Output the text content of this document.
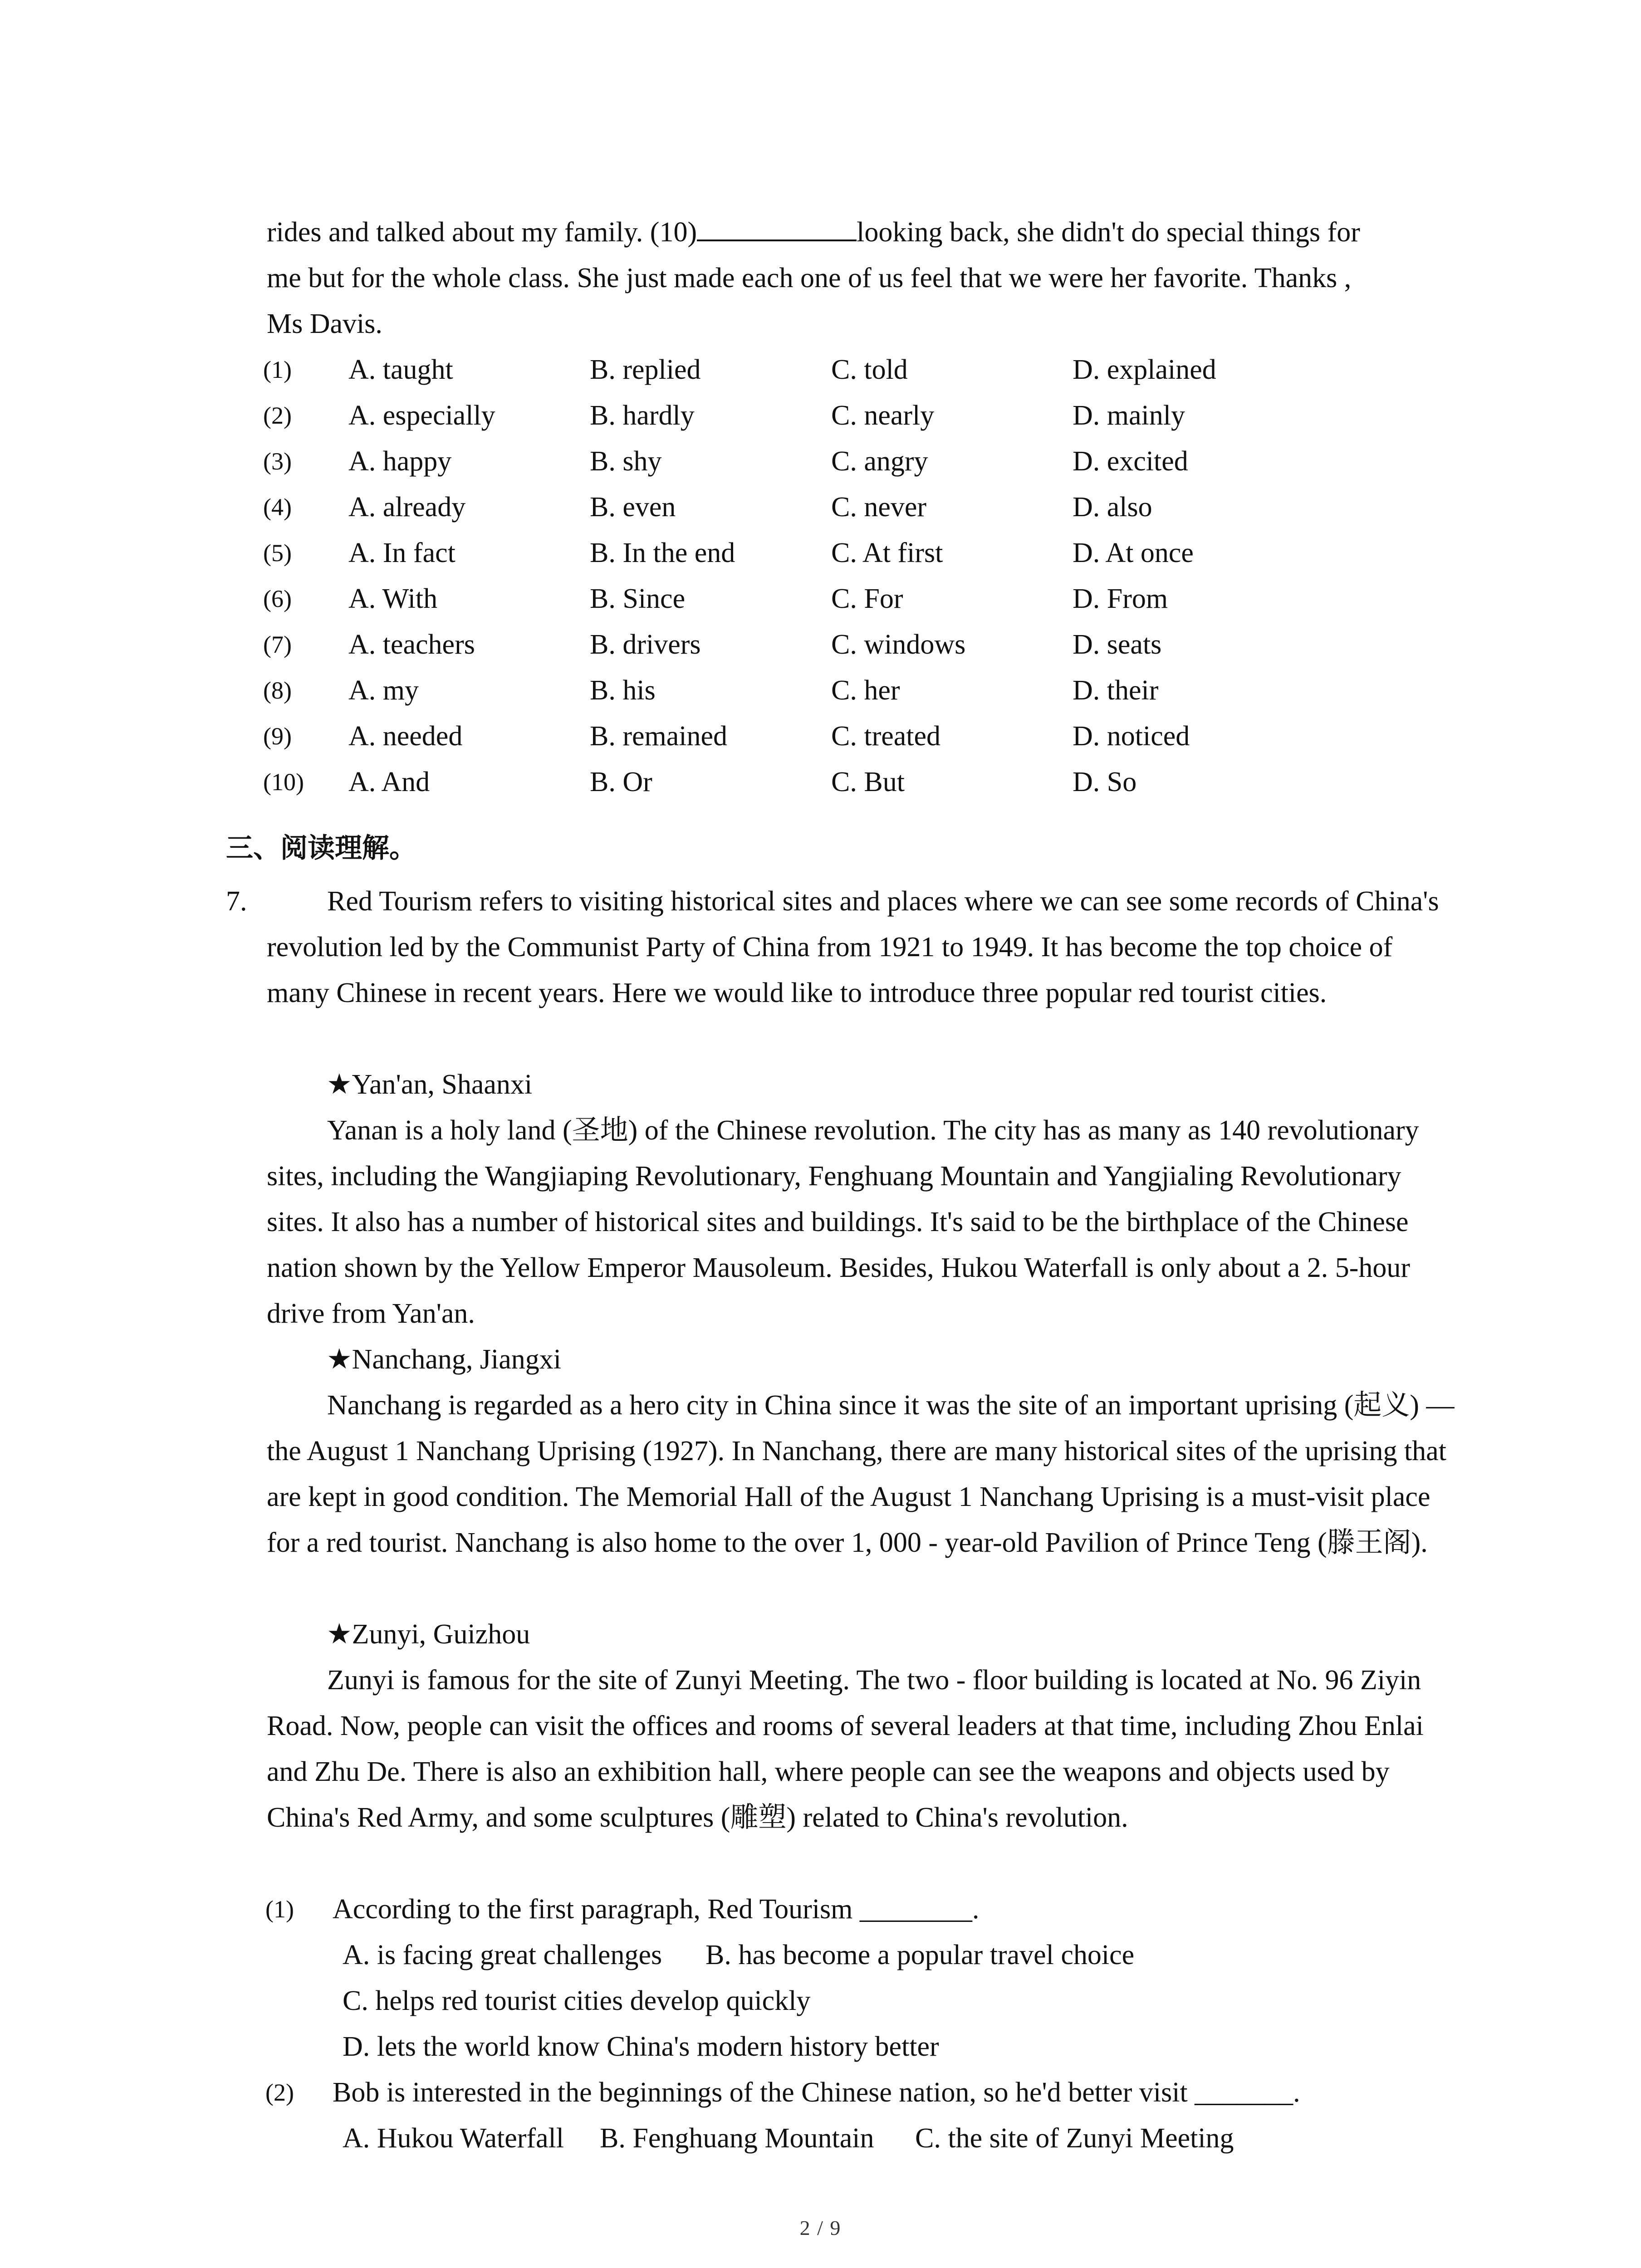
rides and talked about my family. (10)	looking back, she didn't do special things for

me but for the whole class. She just made each one of us feel that we were her favorite. Thanks ,

Ms Davis.

(1) A. taught	B. replied	C. told	D. explained
(2) A. especially	B. hardly	C. nearly	D. mainly
(3) A. happy	B. shy	C. angry	D. excited
(4) A. already	B. even	C. never	D. also
(5) A. In fact	B. In the end	C. At first	D. At once
(6) A. With	B. Since	C. For	D. From
(7) A. teachers	B. drivers	C. windows	D. seats
(8) A. my	B. his	C. her	D. their
(9) A. needed	B. remained	C. treated	D. noticed
(10) A. And	B. Or	C. But	D. So
三、阅读理解。
7.	Red Tourism refers to visiting historical sites and places where we can see some records of China's revolution led by the Communist Party of China from 1921 to 1949. It has become the top choice of many Chinese in recent years. Here we would like to introduce three popular red tourist cities.

★Yan'an, Shaanxi

Yanan is a holy land (圣地) of the Chinese revolution. The city has as many as 140 revolutionary sites, including the Wangjiaping Revolutionary, Fenghuang Mountain and Yangjialing Revolutionary sites. It also has a number of historical sites and buildings. It's said to be the birthplace of the Chinese nation shown by the Yellow Emperor Mausoleum. Besides, Hukou Waterfall is only about a 2. 5-hour drive from Yan'an.

★Nanchang, Jiangxi

Nanchang is regarded as a hero city in China since it was the site of an important uprising (起义) — the August 1 Nanchang Uprising (1927). In Nanchang, there are many historical sites of the uprising that are kept in good condition. The Memorial Hall of the August 1 Nanchang Uprising is a must-visit place for a red tourist. Nanchang is also home to the over 1, 000 ‐ year-old Pavilion of Prince Teng (滕王阁).

★Zunyi, Guizhou

Zunyi is famous for the site of Zunyi Meeting. The two ‐ floor building is located at No. 96 Ziyin Road. Now, people can visit the offices and rooms of several leaders at that time, including Zhou Enlai and Zhu De. There is also an exhibition hall, where people can see the weapons and objects used by China's Red Army, and some sculptures (雕塑) related to China's revolution.

(1) According to the first paragraph, Red Tourism ________.
A. is facing great challenges B. has become a popular travel choice
C. helps red tourist cities develop quickly
D. lets the world know China's modern history better
(2) Bob is interested in the beginnings of the Chinese nation, so he'd better visit _______.
A. Hukou Waterfall B. Fenghuang Mountain C. the site of Zunyi Meeting
2 / 9
